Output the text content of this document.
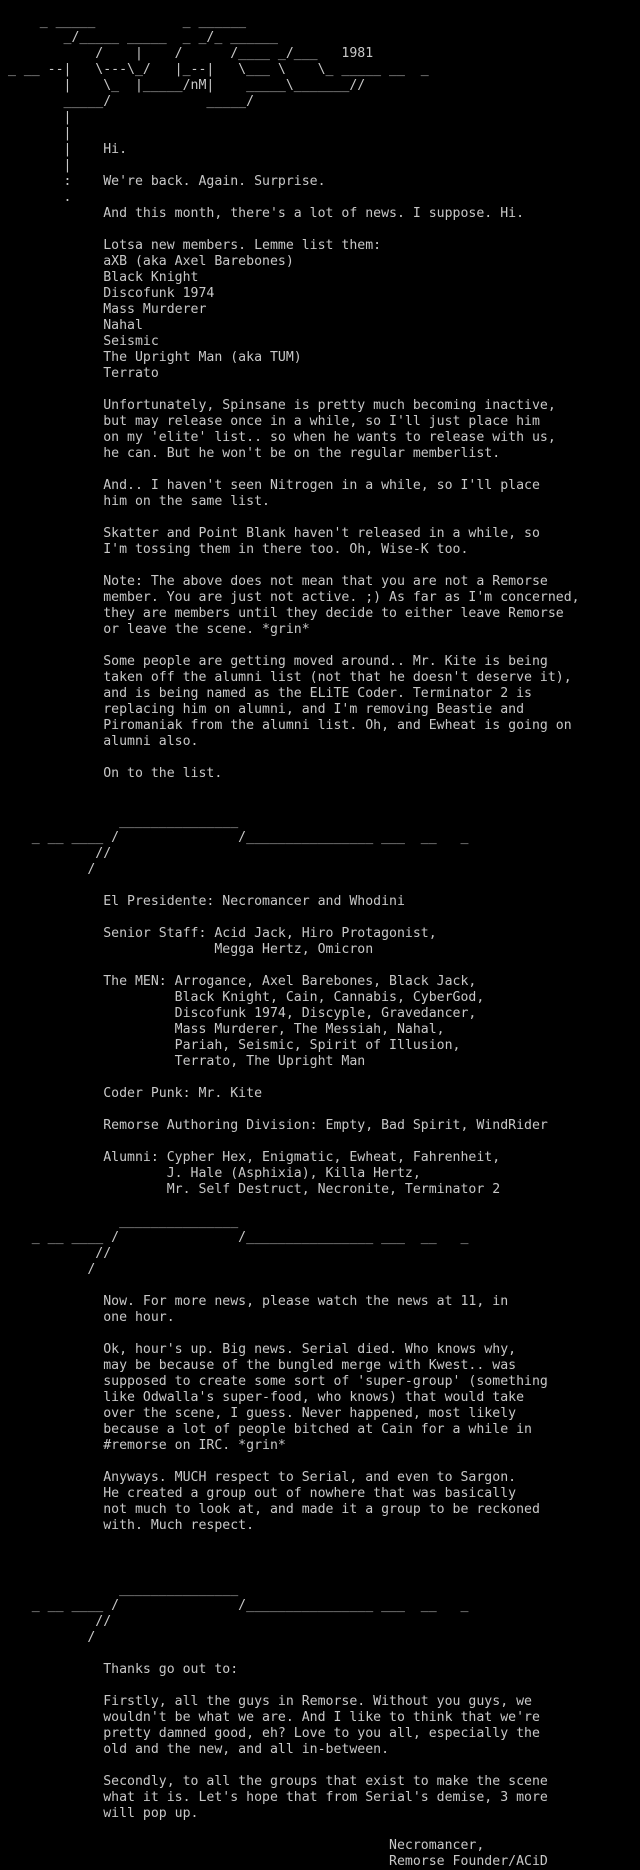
_ _____           _ ______
_/_____ _____  _ _/_ ______
/    |    /      /____ _/___   1981
_ __ --|   \---\_/   |_--|   \___ \    \_ _____ __  _
|    \_  |_____/nM|    _____\_______//
_____/            _____/
|
|
|    Hi.
|
:    We're back. Again. Surprise.
.
And this month, there's a lot of news. I suppose. Hi.

Lotsa new members. Lemme list them:
aXB (aka Axel Barebones)
Black Knight
Discofunk 1974
Mass Murderer
Nahal
Seismic
The Upright Man (aka TUM)
Terrato

Unfortunately, Spinsane is pretty much becoming inactive,
but may release once in a while, so I'll just place him
on my 'elite' list.. so when he wants to release with us,
he can. But he won't be on the regular memberlist.

And.. I haven't seen Nitrogen in a while, so I'll place
him on the same list.

Skatter and Point Blank haven't released in a while, so
I'm tossing them in there too. Oh, Wise-K too.

Note: The above does not mean that you are not a Remorse
member. You are just not active. ;) As far as I'm concerned,
they are members until they decide to either leave Remorse
or leave the scene. *grin*

Some people are getting moved around.. Mr. Kite is being
taken off the alumni list (not that he doesn't deserve it),
and is being named as the ELiTE Coder. Terminator 2 is
replacing him on alumni, and I'm removing Beastie and
Piromaniak from the alumni list. Oh, and Ewheat is going on
alumni also.

On to the list.

_______________
_ __ ____ /               /________________ ___  __   _
//
/

El Presidente: Necromancer and Whodini

Senior Staff: Acid Jack, Hiro Protagonist,
Megga Hertz, Omicron

The MEN: Arrogance, Axel Barebones, Black Jack,
Black Knight, Cain, Cannabis, CyberGod,
Discofunk 1974, Discyple, Gravedancer,
Mass Murderer, The Messiah, Nahal,
Pariah, Seismic, Spirit of Illusion,
Terrato, The Upright Man

Coder Punk: Mr. Kite

Remorse Authoring Division: Empty, Bad Spirit, WindRider

Alumni: Cypher Hex, Enigmatic, Ewheat, Fahrenheit,
J. Hale (Asphixia), Killa Hertz,
Mr. Self Destruct, Necronite, Terminator 2

_______________
_ __ ____ /               /________________ ___  __   _
//
/

Now. For more news, please watch the news at 11, in
one hour.

Ok, hour's up. Big news. Serial died. Who knows why,
may be because of the bungled merge with Kwest.. was
supposed to create some sort of 'super-group' (something
like Odwalla's super-food, who knows) that would take
over the scene, I guess. Never happened, most likely
because a lot of people bitched at Cain for a while in
#remorse on IRC. *grin*

Anyways. MUCH respect to Serial, and even to Sargon.
He created a group out of nowhere that was basically
not much to look at, and made it a group to be reckoned
with. Much respect.

_______________
_ __ ____ /               /________________ ___  __   _
//
/

Thanks go out to:

Firstly, all the guys in Remorse. Without you guys, we
wouldn't be what we are. And I like to think that we're
pretty damned good, eh? Love to you all, especially the
old and the new, and all in-between.

Secondly, to all the groups that exist to make the scene
what it is. Let's hope that from Serial's demise, 3 more
will pop up.

Necromancer,
Remorse Founder/ACiD
